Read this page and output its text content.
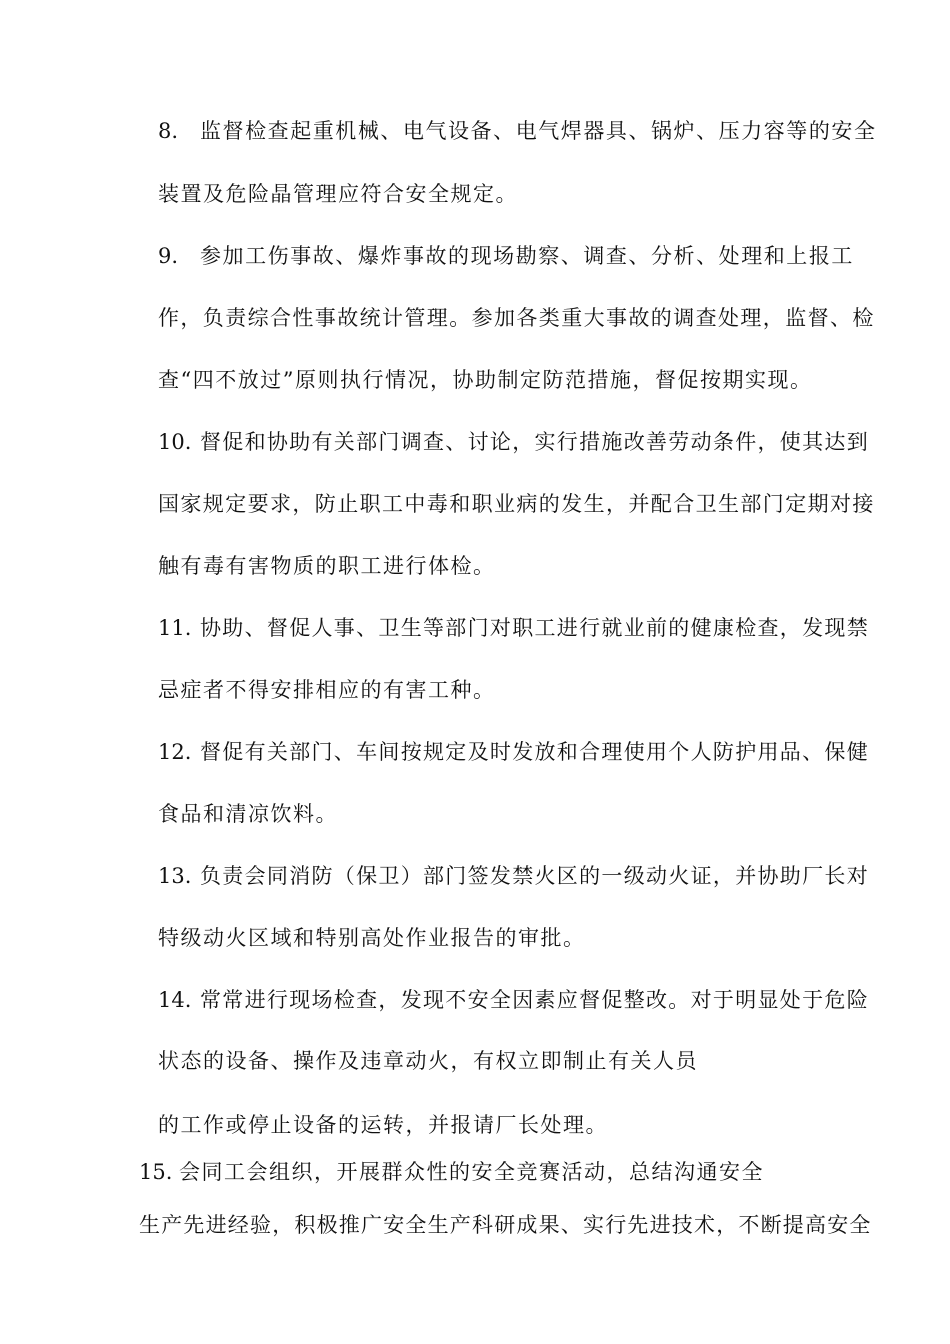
8. 监督检查起重机械、电气设备、电气焊器具、锅炉、压力容等的安全
装置及危险晶管理应符合安全规定。
9. 参加工伤事故、爆炸事故的现场勘察、调查、分析、处理和上报工
作，负责综合性事故统计管理。参加各类重大事故的调查处理，监督、检
查“四不放过”原则执行情况，协助制定防范措施，督促按期实现。
10. 督促和协助有关部门调查、讨论，实行措施改善劳动条件，使其达到
国家规定要求，防止职工中毒和职业病的发生，并配合卫生部门定期对接
触有毒有害物质的职工进行体检。
11. 协助、督促人事、卫生等部门对职工进行就业前的健康检查，发现禁
忌症者不得安排相应的有害工种。
12. 督促有关部门、车间按规定及时发放和合理使用个人防护用品、保健
食品和清凉饮料。
13. 负责会同消防（保卫）部门签发禁火区的一级动火证，并协助厂长对
特级动火区域和特别高处作业报告的审批。
14. 常常进行现场检查，发现不安全因素应督促整改。对于明显处于危险
状态的设备、操作及违章动火，有权立即制止有关人员
的工作或停止设备的运转，并报请厂长处理。
15. 会同工会组织，开展群众性的安全竞赛活动，总结沟通安全
生产先进经验，积极推广安全生产科研成果、实行先进技术，不断提高安全
